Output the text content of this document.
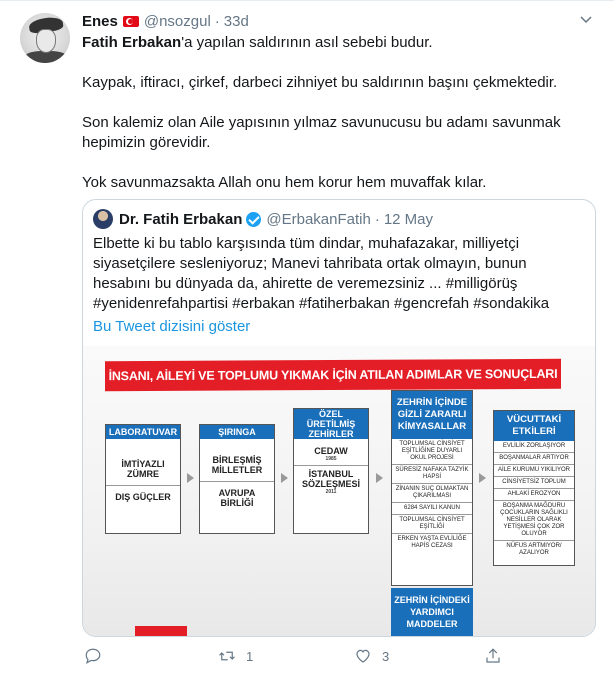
Enes @nsozgul · 33d

Fatih Erbakan'a yapılan saldırının asıl sebebi budur.

Kaypak, iftiracı, çirkef, darbeci zihniyet bu saldırının başını çekmektedir.

Son kalemiz olan Aile yapısının yılmaz savunucusu bu adamı savunmak hepimizin görevidir.

Yok savunmazsakta Allah onu hem korur hem muvaffak kılar.

Dr. Fatih Erbakan @ErbakanFatih · 12 May
Elbette ki bu tablo karşısında tüm dindar, muhafazakar, milliyetçi siyasetçilere sesleniyoruz; Manevi tahribata ortak olmayın, bunun hesabını bu dünyada da, ahirette de veremezsiniz ... #milligörüş #yenidenrefahpartisi #erbakan #fatiherbakan #gencrefah #sondakika
Bu Tweet dizisini göster
İNSANI, AİLEYİ VE TOPLUMU YIKMAK İÇİN ATILAN ADIMLAR VE SONUÇLARI
LABORATUVAR
İMTİYAZLI ZÜMRE
DIŞ GÜÇLER
ŞIRINGA
BİRLEŞMİŞ MİLLETLER
AVRUPA BİRLİĞİ
ÖZEL ÜRETİLMİŞ ZEHİRLER
CEDAW
1985
İSTANBUL SÖZLEŞMESİ
2011
ZEHRİN İÇİNDE GİZLİ ZARARLI KİMYASALLAR
TOPLUMSAL CİNSİYET EŞİTLİĞİNE DUYARLI OKUL PROJESİ
SÜRESİZ NAFAKA TAZYİK HAPSİ
ZİNANIN SUÇ OLMAKTAN ÇIKARILMASI
6284 SAYILI KANUN
TOPLUMSAL CİNSİYET EŞİTLİĞİ
ERKEN YAŞTA EVLİLİĞE HAPİS CEZASI
VÜCUTTAKİ ETKİLERİ
EVLİLİK ZORLAŞIYOR
BOŞANMALAR ARTIYOR
AİLE KURUMU YIKILIYOR
CİNSİYETSİZ TOPLUM
AHLAKİ EROZYON
BOŞANMA MAĞDURU ÇOCUKLARIN SAĞLIKLI NESİLLER OLARAK YETİŞMESİ ÇOK ZOR OLUYOR
NÜFUS ARTMIYOR/ AZALIYOR
ZEHRİN İÇİNDEKİ YARDIMCI MADDELER
1	3
